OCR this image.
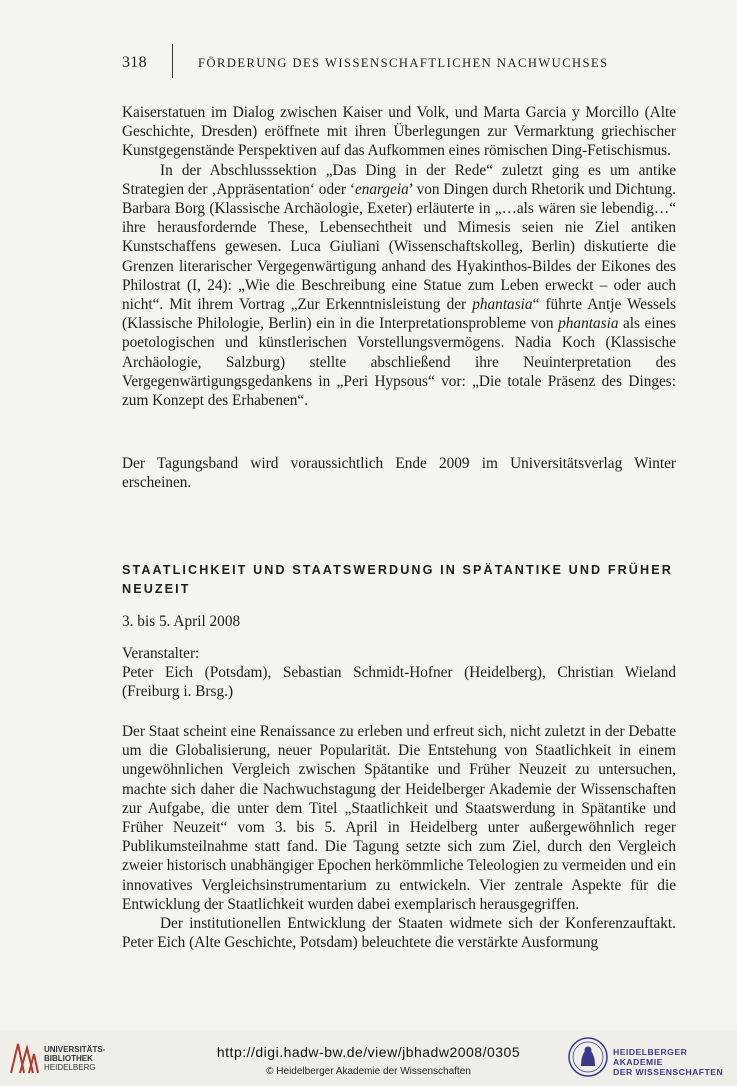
318	FÖRDERUNG DES WISSENSCHAFTLICHEN NACHWUCHSES

Kaiserstatuen im Dialog zwischen Kaiser und Volk, und Marta Garcia y Morcillo (Alte Geschichte, Dresden) eröffnete mit ihren Überlegungen zur Vermarktung griechischer Kunstgegenstände Perspektiven auf das Aufkommen eines römischen Ding-Fetischismus.

In der Abschlusssektion „Das Ding in der Rede“ zuletzt ging es um antike Strategien der ‚Appräsentation‘ oder ‘enargeia’ von Dingen durch Rhetorik und Dichtung. Barbara Borg (Klassische Archäologie, Exeter) erläuterte in „…als wären sie lebendig…“ ihre herausfordernde These, Lebensechtheit und Mimesis seien nie Ziel antiken Kunstschaffens gewesen. Luca Giuliani (Wissenschaftskolleg, Berlin) diskutierte die Grenzen literarischer Vergegenwärtigung anhand des Hyakinthos-Bildes der Eikones des Philostrat (I, 24): „Wie die Beschreibung eine Statue zum Leben erweckt – oder auch nicht“. Mit ihrem Vortrag „Zur Erkenntnisleistung der phantasia“ führte Antje Wessels (Klassische Philologie, Berlin) ein in die Interpretationsprobleme von phantasia als eines poetologischen und künstlerischen Vorstellungsvermögens. Nadia Koch (Klassische Archäologie, Salzburg) stellte abschließend ihre Neuinterpretation des Vergegenwärtigungsgedankens in „Peri Hypsous“ vor: „Die totale Präsenz des Dinges: zum Konzept des Erhabenen“.

Der Tagungsband wird voraussichtlich Ende 2009 im Universitätsverlag Winter erscheinen.

STAATLICHKEIT UND STAATSWERDUNG IN SPÄTANTIKE UND FRÜHER NEUZEIT
3. bis 5. April 2008

Veranstalter:

Peter Eich (Potsdam), Sebastian Schmidt-Hofner (Heidelberg), Christian Wieland (Freiburg i. Brsg.)

Der Staat scheint eine Renaissance zu erleben und erfreut sich, nicht zuletzt in der Debatte um die Globalisierung, neuer Popularität. Die Entstehung von Staatlichkeit in einem ungewöhnlichen Vergleich zwischen Spätantike und Früher Neuzeit zu untersuchen, machte sich daher die Nachwuchstagung der Heidelberger Akademie der Wissenschaften zur Aufgabe, die unter dem Titel „Staatlichkeit und Staatswerdung in Spätantike und Früher Neuzeit“ vom 3. bis 5. April in Heidelberg unter außergewöhnlich reger Publikumsteilnahme statt fand. Die Tagung setzte sich zum Ziel, durch den Vergleich zweier historisch unabhängiger Epochen herkömmliche Teleologien zu vermeiden und ein innovatives Vergleichsinstrumentarium zu entwickeln. Vier zentrale Aspekte für die Entwicklung der Staatlichkeit wurden dabei exemplarisch herausgegriffen.

Der institutionellen Entwicklung der Staaten widmete sich der Konferenzauftakt. Peter Eich (Alte Geschichte, Potsdam) beleuchtete die verstärkte Ausformung

UNIVERSITÄTS-
BIBLIOTHEK
HEIDELBERG
http://digi.hadw-bw.de/view/jbhadw2008/0305
© Heidelberger Akademie der Wissenschaften
HEIDELBERGER AKADEMIE
DER WISSENSCHAFTEN
